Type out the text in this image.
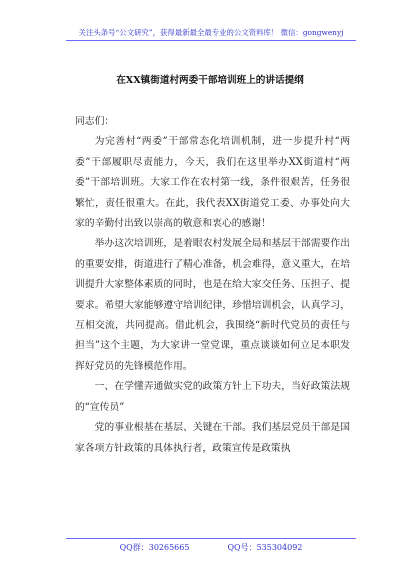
关注头条号“公文研究”，获得最新最全最专业的公文资料库！ 微信：gongwenyj
在XX镇街道村两委干部培训班上的讲话提纲

同志们：

为完善村“两委”干部常态化培训机制，进一步提升村“两委”干部履职尽责能力，今天，我们在这里举办XX街道村“两委”干部培训班。大家工作在农村第一线，条件很艰苦，任务很繁忙，责任很重大。在此，我代表XX街道党工委、办事处向大家的辛勤付出致以崇高的敬意和衷心的感谢！

举办这次培训班，是着眼农村发展全局和基层干部需要作出的重要安排，街道进行了精心准备，机会难得，意义重大，在培训提升大家整体素质的同时，也是在给大家交任务、压担子、提要求。希望大家能够遵守培训纪律，珍惜培训机会，认真学习，互相交流，共同提高。借此机会，我围绕“新时代党员的责任与担当”这个主题，为大家讲一堂党课，重点谈谈如何立足本职发挥好党员的先锋模范作用。

一、在学懂弄通做实党的政策方针上下功夫，当好政策法规的“宣传员”

党的事业根基在基层、关键在干部。我们基层党员干部是国家各项方针政策的具体执行者，政策宣传是政策执

QQ群：30265665	QQ号：535304092
